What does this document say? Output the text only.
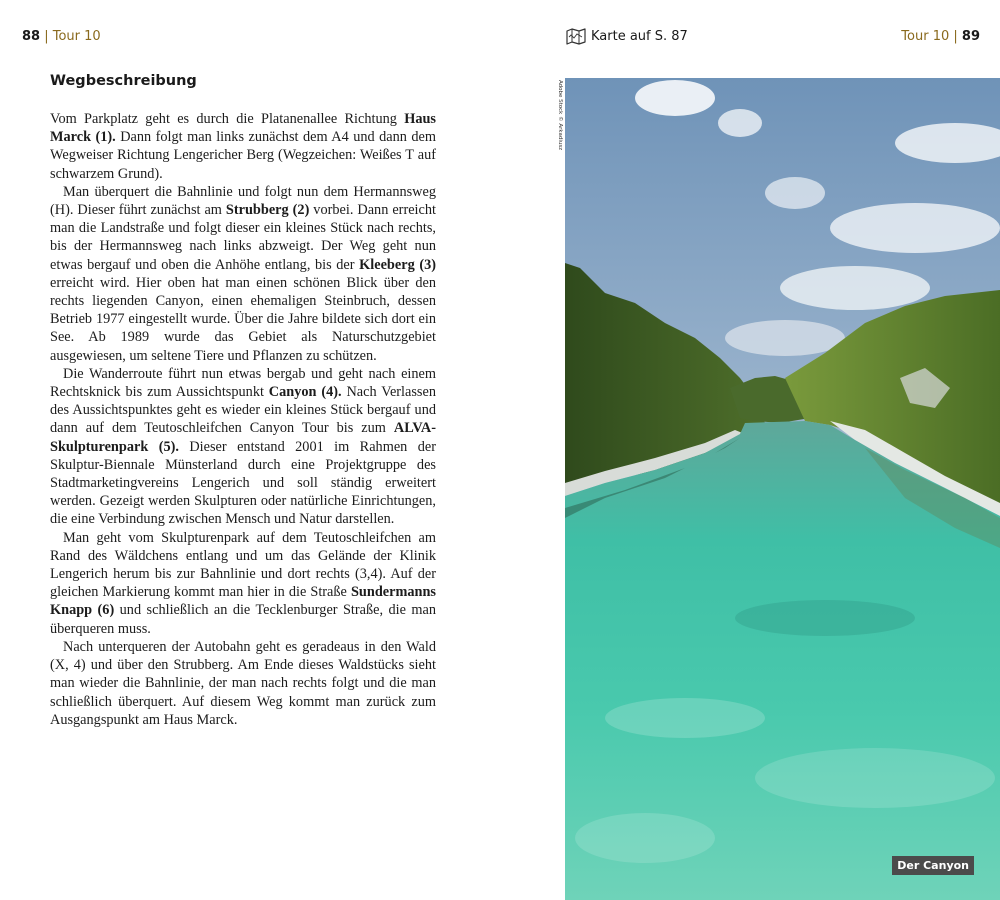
88 | Tour 10	Karte auf S. 87	Tour 10 | 89
Wegbeschreibung

Vom Parkplatz geht es durch die Platanenallee Richtung Haus Marck (1). Dann folgt man links zunächst dem A4 und dann dem Wegweiser Richtung Lengericher Berg (Wegzeichen: Weißes T auf schwarzem Grund).

Man überquert die Bahnlinie und folgt nun dem Hermannsweg (H). Dieser führt zunächst am Strubberg (2) vorbei. Dann erreicht man die Landstraße und folgt dieser ein kleines Stück nach rechts, bis der Hermannsweg nach links abzweigt. Der Weg geht nun etwas bergauf und oben die Anhöhe entlang, bis der Kleeberg (3) erreicht wird. Hier oben hat man einen schönen Blick über den rechts liegenden Canyon, einen ehemaligen Steinbruch, dessen Betrieb 1977 eingestellt wurde. Über die Jahre bildete sich dort ein See. Ab 1989 wurde das Gebiet als Naturschutzgebiet ausgewiesen, um seltene Tiere und Pflanzen zu schützen.

Die Wanderroute führt nun etwas bergab und geht nach einem Rechtsknick bis zum Aussichtspunkt Canyon (4). Nach Verlassen des Aussichtspunktes geht es wieder ein kleines Stück bergauf und dann auf dem Teutoschleifchen Canyon Tour bis zum ALVA-Skulpturenpark (5). Dieser entstand 2001 im Rahmen der Skulptur-Biennale Münsterland durch eine Projektgruppe des Stadtmarketingvereins Lengerich und soll ständig erweitert werden. Gezeigt werden Skulpturen oder natürliche Einrichtungen, die eine Verbindung zwischen Mensch und Natur darstellen.

Man geht vom Skulpturenpark auf dem Teutoschleifchen am Rand des Wäldchens entlang und um das Gelände der Klinik Lengerich herum bis zur Bahnlinie und dort rechts (3,4). Auf der gleichen Markierung kommt man hier in die Straße Sundermanns Knapp (6) und schließlich an die Tecklenburger Straße, die man überqueren muss.

Nach unterqueren der Autobahn geht es geradeaus in den Wald (X, 4) und über den Strubberg. Am Ende dieses Waldstücks sieht man wieder die Bahnlinie, der man nach rechts folgt und die man schließlich überquert. Auf diesem Weg kommt man zurück zum Ausgangspunkt am Haus Marck.

Adobe Stock © Arkadiusz
Der Canyon
